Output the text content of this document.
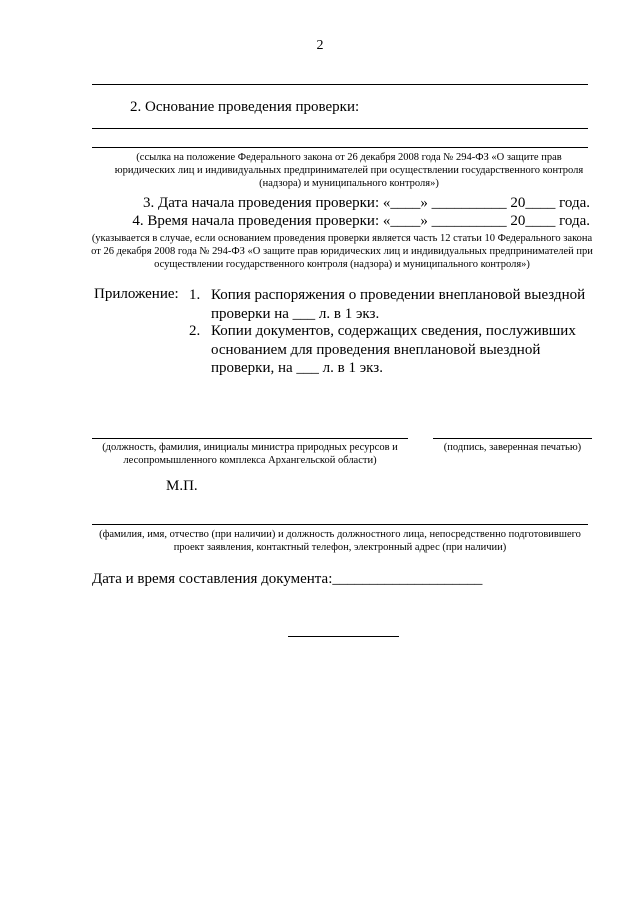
2
2. Основание проведения проверки:
(ссылка на положение Федерального закона от 26 декабря 2008 года № 294-ФЗ «О защите прав юридических лиц и индивидуальных предпринимателей при осуществлении государственного контроля (надзора) и муниципального контроля»)
3. Дата начала проведения проверки: «____» __________ 20____ года.
4. Время начала проведения проверки: «____» __________ 20____ года.
(указывается в случае, если основанием проведения проверки является часть 12 статьи 10 Федерального закона от 26 декабря 2008 года № 294-ФЗ «О защите прав юридических лиц и индивидуальных предпринимателей при осуществлении государственного контроля (надзора) и муниципального контроля»)
Приложение: 1. Копия распоряжения о проведении внеплановой выездной проверки на ___ л. в 1 экз.
2. Копии документов, содержащих сведения, послуживших основанием для проведения внеплановой выездной проверки, на ___ л. в 1 экз.
(должность, фамилия, инициалы министра природных ресурсов и лесопромышленного комплекса Архангельской области)
(подпись, заверенная печатью)
М.П.
(фамилия, имя, отчество (при наличии) и должность должностного лица, непосредственно подготовившего проект заявления, контактный телефон, электронный адрес (при наличии)
Дата и время составления документа:____________________
